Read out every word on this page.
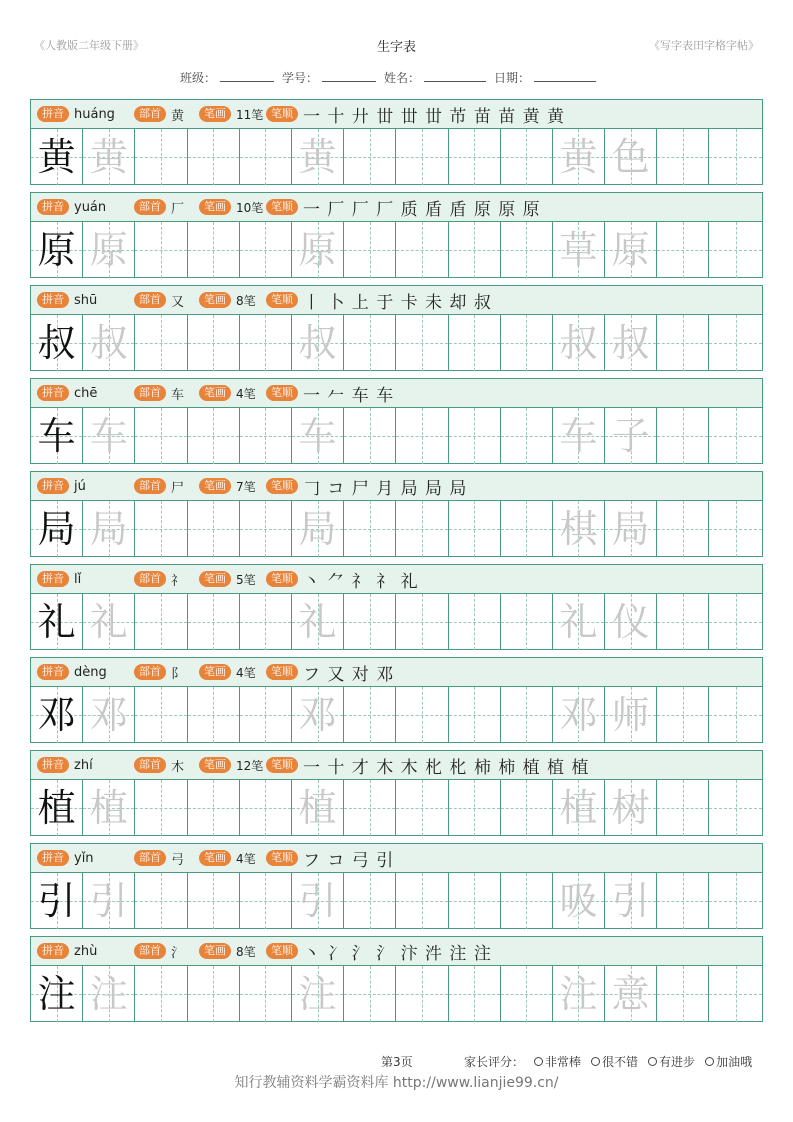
《人教版二年级下册》	生字表	《写字表田字格字帖》
班级：	学号：	姓名：	日期：
拼音 huáng	部首 黄	笔画 11笔 笔顺 一 十 廾 丗 丗 丗 芇 苗 苗 黄 黄
黄 黄	黄	黄 色
拼音 yuán	部首 厂	笔画 10笔 笔顺 一 厂 厂 厂 质 盾 盾 原 原 原
原 原	原	草 原
拼音 shū	部首 又	笔画 8笔	笔顺 丨 卜 上 于 卡 未 却 叔
叔 叔	叔	叔 叔
拼音 chē	部首 车	笔画 4笔	笔顺 一 𠂉 车 车
车 车	车	车 子
拼音 jú	部首 尸	笔画 7笔	笔顺 𠃌 コ 尸 月 局 局 局
局 局	局	棋 局
拼音 lǐ	部首 礻	笔画 5笔	笔顺 丶 ⺈ 礻 礻 礼
礼 礼	礼	礼 仪
拼音 dèng	部首 阝	笔画 4笔	笔顺 フ 又 对 邓
邓 邓	邓	邓 师
拼音 zhí	部首 木	笔画 12笔 笔顺 一 十 才 木 木 朼 朼 柿 柿 植 植 植
植 植	植	植 树
拼音 yǐn	部首 弓	笔画 4笔	笔顺 フ コ 弓 引
引 引	引	吸 引
拼音 zhù	部首 氵	笔画 8笔	笔顺 丶 冫 氵 氵 汴 汼 注 注
注 注	注	注 意
第3页	家长评分： 非常棒 很不错 有进步 加油哦
知行教辅资料学霸资料库 http://www.lianjie99.cn/
